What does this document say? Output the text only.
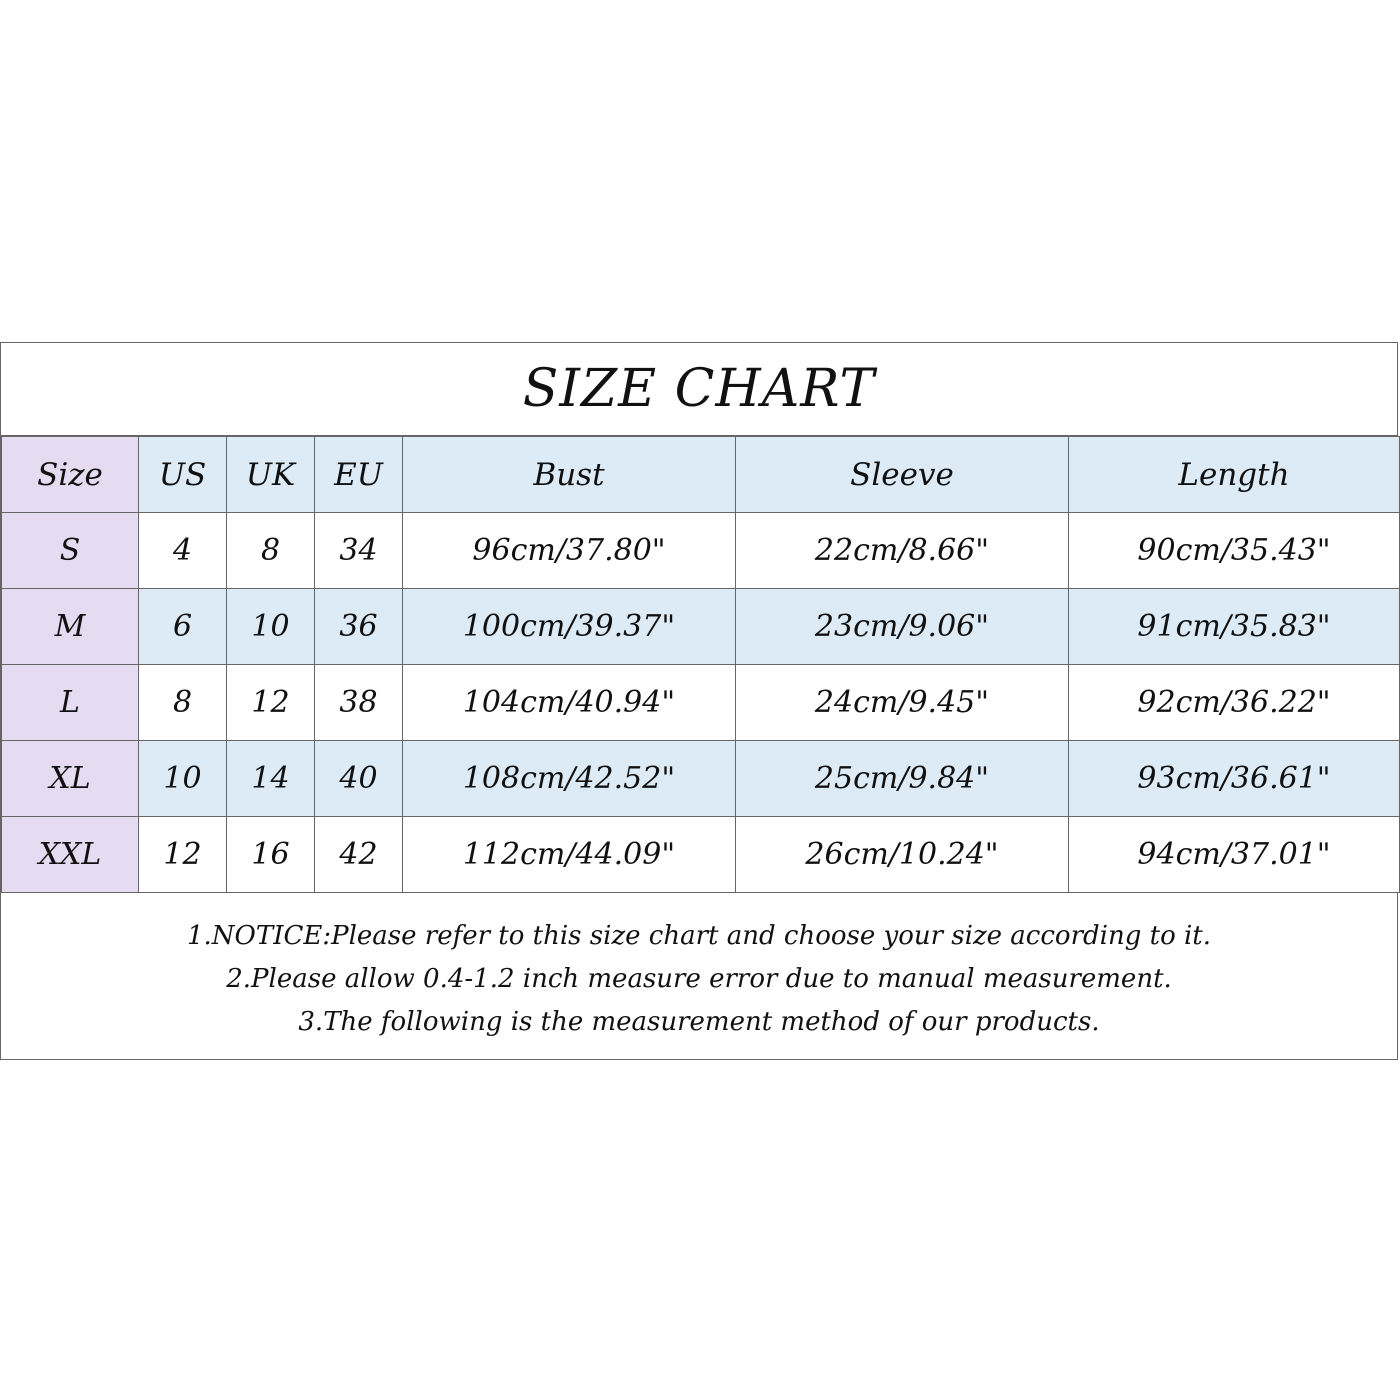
SIZE CHART
Size	US	UK	EU	Bust	Sleeve	Length
S	4	8	34	96cm/37.80"	22cm/8.66"	90cm/35.43"
M	6	10	36	100cm/39.37"	23cm/9.06"	91cm/35.83"
L	8	12	38	104cm/40.94"	24cm/9.45"	92cm/36.22"
XL	10	14	40	108cm/42.52"	25cm/9.84"	93cm/36.61"
XXL	12	16	42	112cm/44.09"	26cm/10.24"	94cm/37.01"
1.NOTICE:Please refer to this size chart and choose your size according to it.
2.Please allow 0.4-1.2 inch measure error due to manual measurement.
3.The following is the measurement method of our products.
